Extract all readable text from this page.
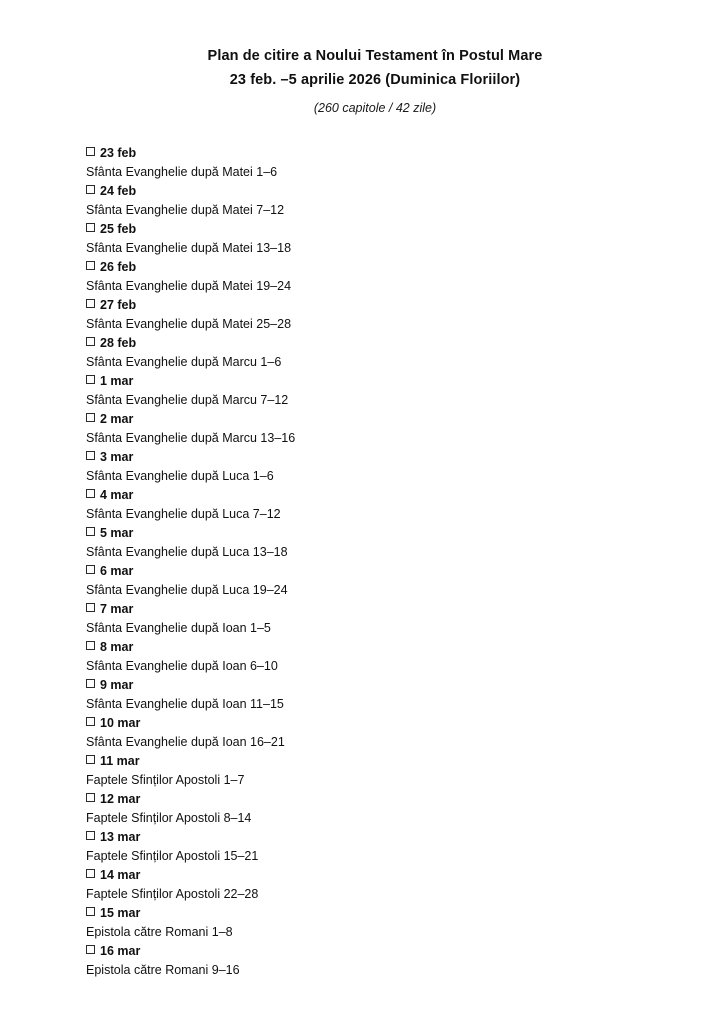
Plan de citire a Noului Testament în Postul Mare
23 feb. –5 aprilie 2026 (Duminica Floriilor)
(260 capitole / 42 zile)
23 feb
Sfânta Evanghelie după Matei 1–6
24 feb
Sfânta Evanghelie după Matei 7–12
25 feb
Sfânta Evanghelie după Matei 13–18
26 feb
Sfânta Evanghelie după Matei 19–24
27 feb
Sfânta Evanghelie după Matei 25–28
28 feb
Sfânta Evanghelie după Marcu 1–6
1 mar
Sfânta Evanghelie după Marcu 7–12
2 mar
Sfânta Evanghelie după Marcu 13–16
3 mar
Sfânta Evanghelie după Luca 1–6
4 mar
Sfânta Evanghelie după Luca 7–12
5 mar
Sfânta Evanghelie după Luca 13–18
6 mar
Sfânta Evanghelie după Luca 19–24
7 mar
Sfânta Evanghelie după Ioan 1–5
8 mar
Sfânta Evanghelie după Ioan 6–10
9 mar
Sfânta Evanghelie după Ioan 11–15
10 mar
Sfânta Evanghelie după Ioan 16–21
11 mar
Faptele Sfinților Apostoli 1–7
12 mar
Faptele Sfinților Apostoli 8–14
13 mar
Faptele Sfinților Apostoli 15–21
14 mar
Faptele Sfinților Apostoli 22–28
15 mar
Epistola către Romani 1–8
16 mar
Epistola către Romani 9–16
